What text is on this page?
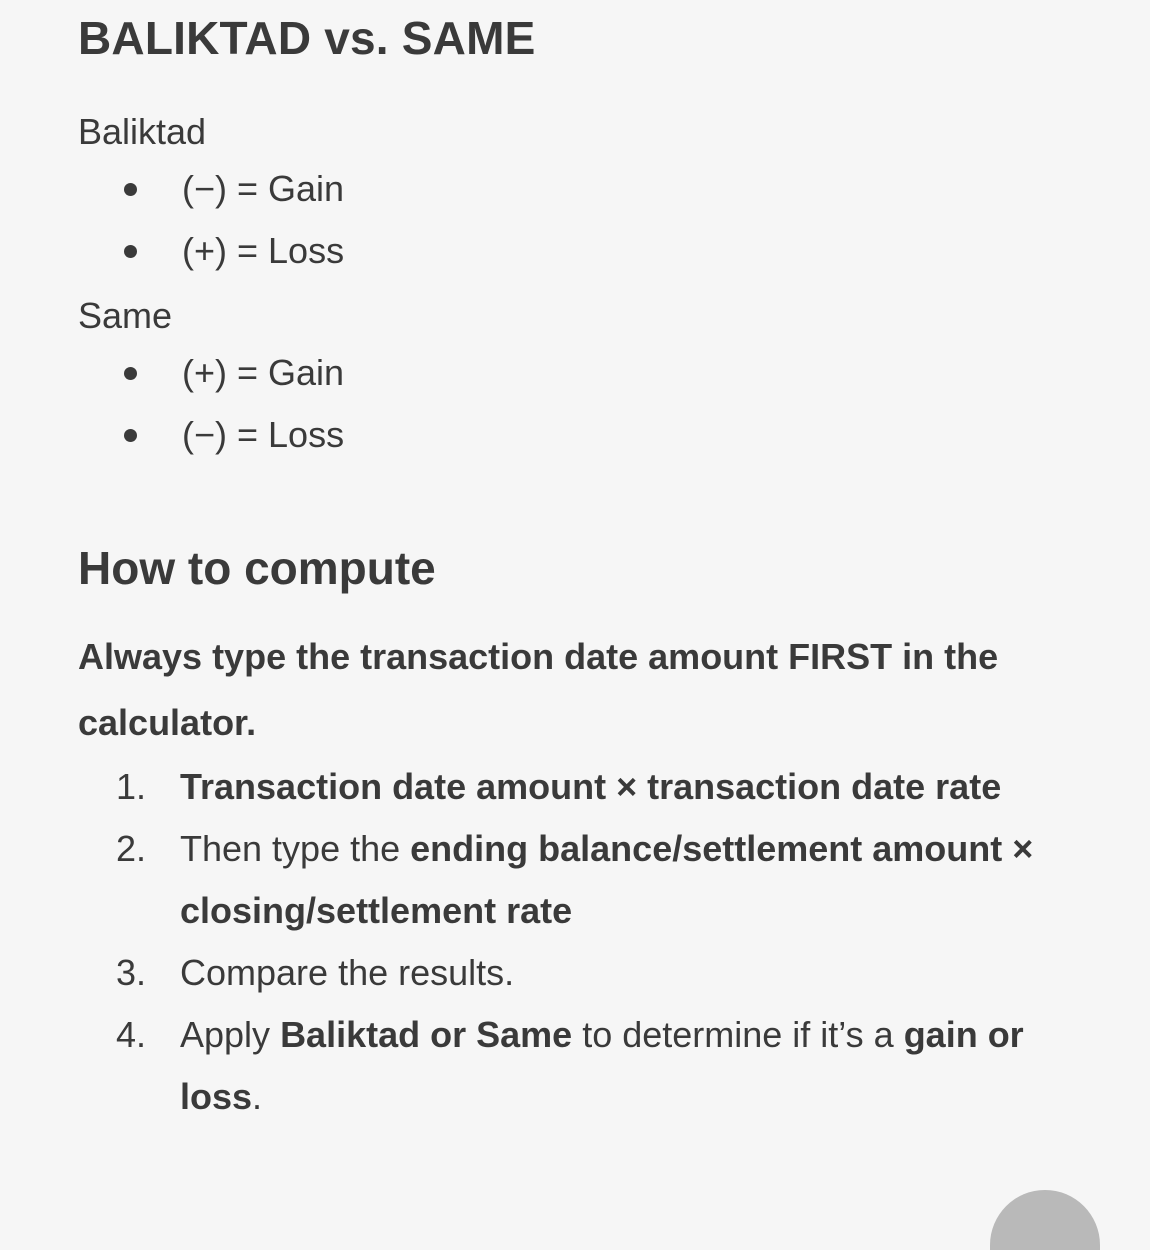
BALIKTAD vs. SAME

Baliktad

(−) = Gain
(+) = Loss

Same

(+) = Gain
(−) = Loss
How to compute

Always type the transaction date amount FIRST in the calculator.

1. Transaction date amount × transaction date rate
2. Then type the ending balance/settlement amount × closing/settlement rate
3. Compare the results.
4. Apply Baliktad or Same to determine if it’s a gain or loss.
